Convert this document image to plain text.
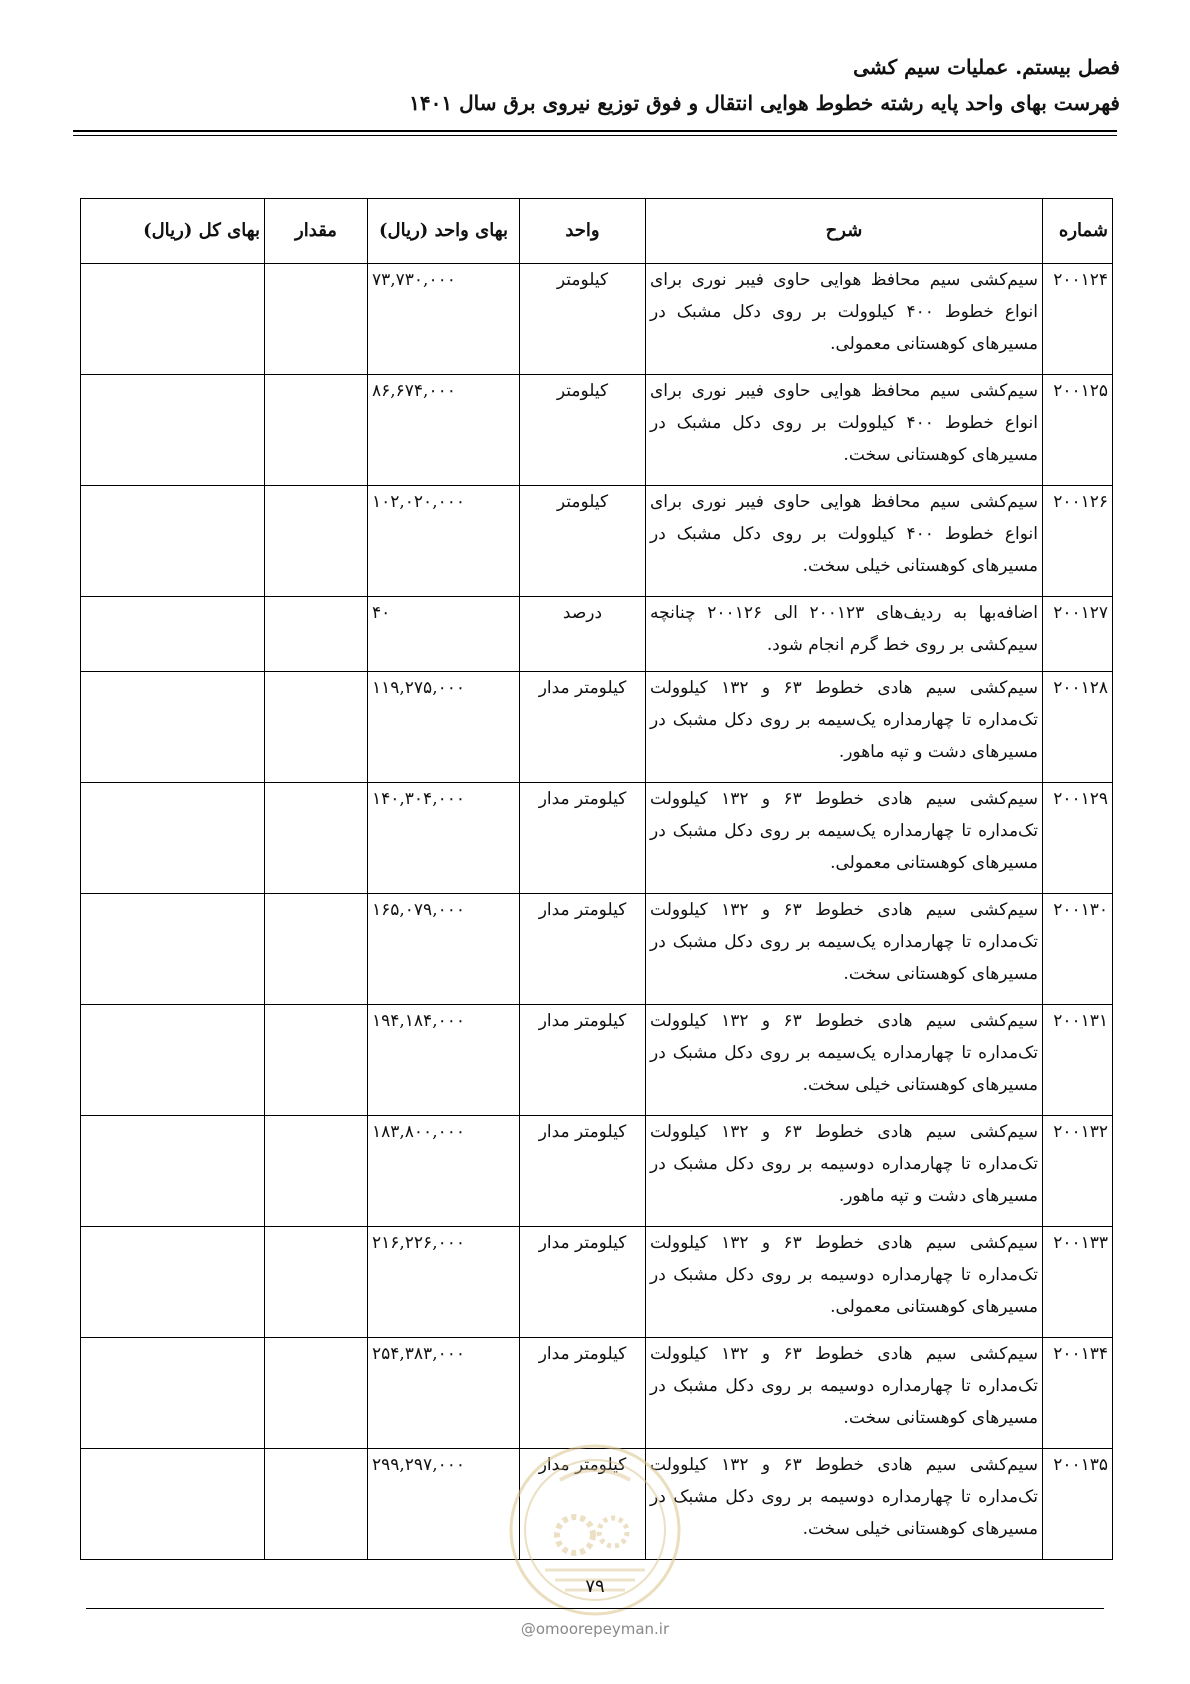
فصل بیستم. عملیات سیم کشی
فهرست بهای واحد پایه رشته خطوط هوایی انتقال و فوق توزیع نیروی برق سال ۱۴۰۱
شماره	شرح	واحد	بهای واحد (ریال)	مقدار	بهای کل (ریال)
۲۰۰۱۲۴	سیم‌کشی سیم محافظ هوایی حاوی فیبر نوری برای انواع خطوط ۴۰۰ کیلوولت بر روی دکل مشبک در مسیرهای کوهستانی معمولی.	کیلومتر	۷۳,۷۳۰,۰۰۰		
۲۰۰۱۲۵	سیم‌کشی سیم محافظ هوایی حاوی فیبر نوری برای انواع خطوط ۴۰۰ کیلوولت بر روی دکل مشبک در مسیرهای کوهستانی سخت.	کیلومتر	۸۶,۶۷۴,۰۰۰		
۲۰۰۱۲۶	سیم‌کشی سیم محافظ هوایی حاوی فیبر نوری برای انواع خطوط ۴۰۰ کیلوولت بر روی دکل مشبک در مسیرهای کوهستانی خیلی سخت.	کیلومتر	۱۰۲,۰۲۰,۰۰۰		
۲۰۰۱۲۷	اضافه‌بها به ردیف‌های ۲۰۰۱۲۳ الی ۲۰۰۱۲۶ چنانچه سیم‌کشی بر روی خط گرم انجام شود.	درصد	۴۰		
۲۰۰۱۲۸	سیم‌کشی سیم هادی خطوط ۶۳ و ۱۳۲ کیلوولت تک‌مداره تا چهارمداره یک‌سیمه بر روی دکل مشبک در مسیرهای دشت و تپه ماهور.	کیلومتر مدار	۱۱۹,۲۷۵,۰۰۰		
۲۰۰۱۲۹	سیم‌کشی سیم هادی خطوط ۶۳ و ۱۳۲ کیلوولت تک‌مداره تا چهارمداره یک‌سیمه بر روی دکل مشبک در مسیرهای کوهستانی معمولی.	کیلومتر مدار	۱۴۰,۳۰۴,۰۰۰		
۲۰۰۱۳۰	سیم‌کشی سیم هادی خطوط ۶۳ و ۱۳۲ کیلوولت تک‌مداره تا چهارمداره یک‌سیمه بر روی دکل مشبک در مسیرهای کوهستانی سخت.	کیلومتر مدار	۱۶۵,۰۷۹,۰۰۰		
۲۰۰۱۳۱	سیم‌کشی سیم هادی خطوط ۶۳ و ۱۳۲ کیلوولت تک‌مداره تا چهارمداره یک‌سیمه بر روی دکل مشبک در مسیرهای کوهستانی خیلی سخت.	کیلومتر مدار	۱۹۴,۱۸۴,۰۰۰		
۲۰۰۱۳۲	سیم‌کشی سیم هادی خطوط ۶۳ و ۱۳۲ کیلوولت تک‌مداره تا چهارمداره دوسیمه بر روی دکل مشبک در مسیرهای دشت و تپه ماهور.	کیلومتر مدار	۱۸۳,۸۰۰,۰۰۰		
۲۰۰۱۳۳	سیم‌کشی سیم هادی خطوط ۶۳ و ۱۳۲ کیلوولت تک‌مداره تا چهارمداره دوسیمه بر روی دکل مشبک در مسیرهای کوهستانی معمولی.	کیلومتر مدار	۲۱۶,۲۲۶,۰۰۰		
۲۰۰۱۳۴	سیم‌کشی سیم هادی خطوط ۶۳ و ۱۳۲ کیلوولت تک‌مداره تا چهارمداره دوسیمه بر روی دکل مشبک در مسیرهای کوهستانی سخت.	کیلومتر مدار	۲۵۴,۳۸۳,۰۰۰		
۲۰۰۱۳۵	سیم‌کشی سیم هادی خطوط ۶۳ و ۱۳۲ کیلوولت تک‌مداره تا چهارمداره دوسیمه بر روی دکل مشبک در مسیرهای کوهستانی خیلی سخت.	کیلومتر مدار	۲۹۹,۲۹۷,۰۰۰		
۷۹
@omoorepeyman.ir
